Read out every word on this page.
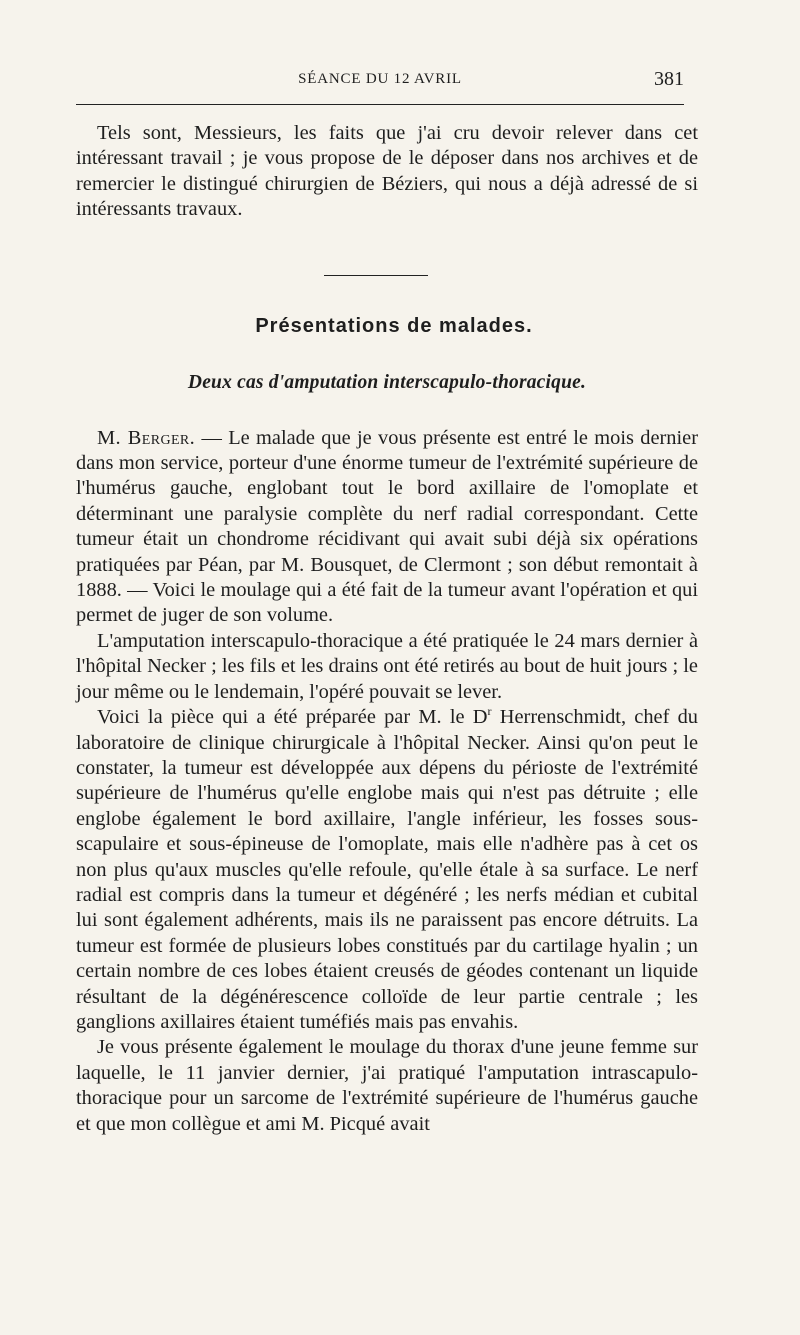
SÉANCE DU 12 AVRIL	381

Tels sont, Messieurs, les faits que j'ai cru devoir relever dans cet intéressant travail ; je vous propose de le déposer dans nos archives et de remercier le distingué chirurgien de Béziers, qui nous a déjà adressé de si intéressants travaux.

Présentations de malades.
Deux cas d'amputation interscapulo-thoracique.

M. Berger. — Le malade que je vous présente est entré le mois dernier dans mon service, porteur d'une énorme tumeur de l'extrémité supérieure de l'humérus gauche, englobant tout le bord axillaire de l'omoplate et déterminant une paralysie complète du nerf radial correspondant. Cette tumeur était un chondrome récidivant qui avait subi déjà six opérations pratiquées par Péan, par M. Bousquet, de Clermont ; son début remontait à 1888. — Voici le moulage qui a été fait de la tumeur avant l'opération et qui permet de juger de son volume.

L'amputation interscapulo-thoracique a été pratiquée le 24 mars dernier à l'hôpital Necker ; les fils et les drains ont été retirés au bout de huit jours ; le jour même ou le lendemain, l'opéré pouvait se lever.

Voici la pièce qui a été préparée par M. le $D^r$ Herrenschmidt, chef du laboratoire de clinique chirurgicale à l'hôpital Necker. Ainsi qu'on peut le constater, la tumeur est développée aux dépens du périoste de l'extrémité supérieure de l'humérus qu'elle englobe mais qui n'est pas détruite ; elle englobe également le bord axillaire, l'angle inférieur, les fosses sous-scapulaire et sous-épineuse de l'omoplate, mais elle n'adhère pas à cet os non plus qu'aux muscles qu'elle refoule, qu'elle étale à sa surface. Le nerf radial est compris dans la tumeur et dégénéré ; les nerfs médian et cubital lui sont également adhérents, mais ils ne paraissent pas encore détruits. La tumeur est formée de plusieurs lobes constitués par du cartilage hyalin ; un certain nombre de ces lobes étaient creusés de géodes contenant un liquide résultant de la dégénérescence colloïde de leur partie centrale ; les ganglions axillaires étaient tuméfiés mais pas envahis.

Je vous présente également le moulage du thorax d'une jeune femme sur laquelle, le 11 janvier dernier, j'ai pratiqué l'amputation intrascapulo-thoracique pour un sarcome de l'extrémité supérieure de l'humérus gauche et que mon collègue et ami M. Picqué avait
